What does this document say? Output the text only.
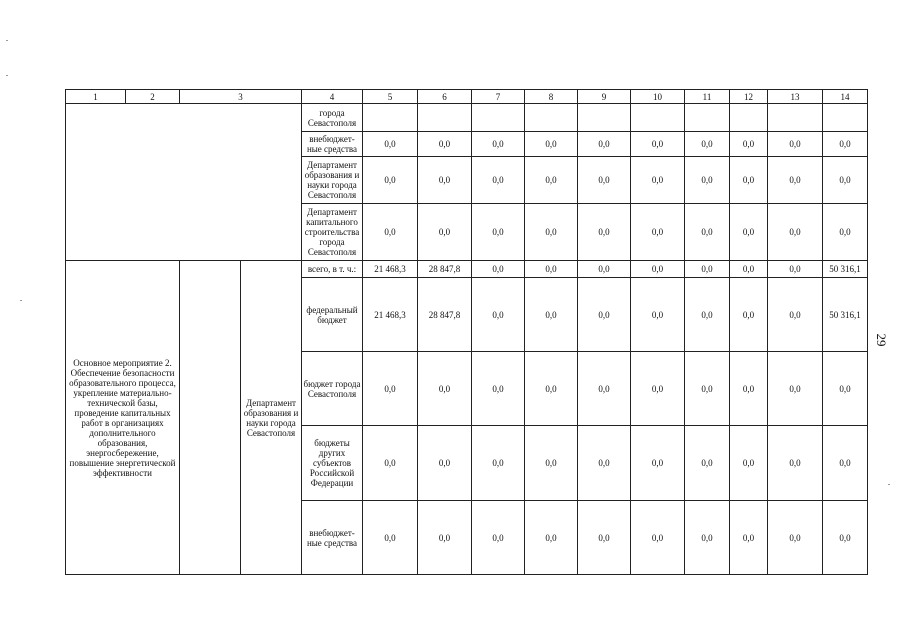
1	2	3		4	5	6	7	8	9	10	11	12	13	14
				города Севастополя										
				внебюджет-ные средства	0,0	0,0	0,0	0,0	0,0	0,0	0,0	0,0	0,0	0,0
				Департамент образования и науки города Севастополя	0,0	0,0	0,0	0,0	0,0	0,0	0,0	0,0	0,0	0,0
				Департамент капитального строительства города Севастополя	0,0	0,0	0,0	0,0	0,0	0,0	0,0	0,0	0,0	0,0
Основное мероприятие 2. Обеспечение безопасности образовательного процесса, укрепление материально-технической базы, проведение капитальных работ в организациях дополнительного образования, энергосбережение, повышение энергетической эффективности			Департамент образования и науки города Севастополя	всего, в т. ч.:	21 468,3	28 847,8	0,0	0,0	0,0	0,0	0,0	0,0	0,0	50 316,1
				федеральный бюджет	21 468,3	28 847,8	0,0	0,0	0,0	0,0	0,0	0,0	0,0	50 316,1
				бюджет города Севастополя	0,0	0,0	0,0	0,0	0,0	0,0	0,0	0,0	0,0	0,0
				бюджеты других субъектов Российской Федерации	0,0	0,0	0,0	0,0	0,0	0,0	0,0	0,0	0,0	0,0
				внебюджет-ные средства	0,0	0,0	0,0	0,0	0,0	0,0	0,0	0,0	0,0	0,0
29
